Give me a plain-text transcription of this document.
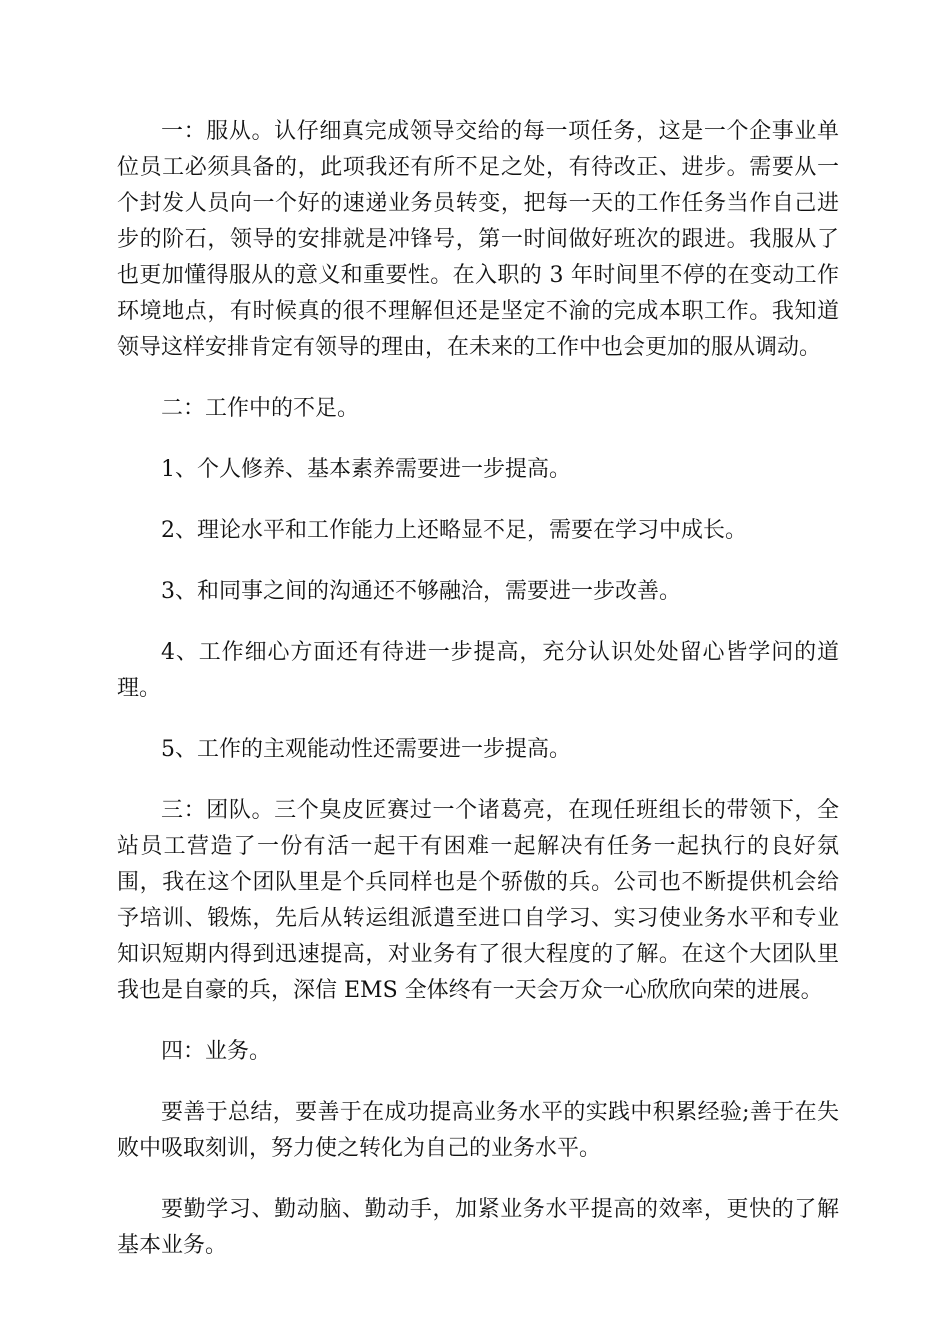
一：服从。认仔细真完成领导交给的每一项任务，这是一个企事业单位员工必须具备的，此项我还有所不足之处，有待改正、进步。需要从一个封发人员向一个好的速递业务员转变，把每一天的工作任务当作自己进步的阶石，领导的安排就是冲锋号，第一时间做好班次的跟进。我服从了也更加懂得服从的意义和重要性。在入职的 3 年时间里不停的在变动工作环境地点，有时候真的很不理解但还是坚定不渝的完成本职工作。我知道领导这样安排肯定有领导的理由，在未来的工作中也会更加的服从调动。

二：工作中的不足。

1、个人修养、基本素养需要进一步提高。

2、理论水平和工作能力上还略显不足，需要在学习中成长。

3、和同事之间的沟通还不够融洽，需要进一步改善。

4、工作细心方面还有待进一步提高，充分认识处处留心皆学问的道理。

5、工作的主观能动性还需要进一步提高。

三：团队。三个臭皮匠赛过一个诸葛亮，在现任班组长的带领下，全站员工营造了一份有活一起干有困难一起解决有任务一起执行的良好氛围，我在这个团队里是个兵同样也是个骄傲的兵。公司也不断提供机会给予培训、锻炼，先后从转运组派遣至进口自学习、实习使业务水平和专业知识短期内得到迅速提高，对业务有了很大程度的了解。在这个大团队里我也是自豪的兵，深信 EMS 全体终有一天会万众一心欣欣向荣的进展。

四：业务。

要善于总结，要善于在成功提高业务水平的实践中积累经验;善于在失败中吸取刻训，努力使之转化为自己的业务水平。

要勤学习、勤动脑、勤动手，加紧业务水平提高的效率，更快的了解基本业务。
